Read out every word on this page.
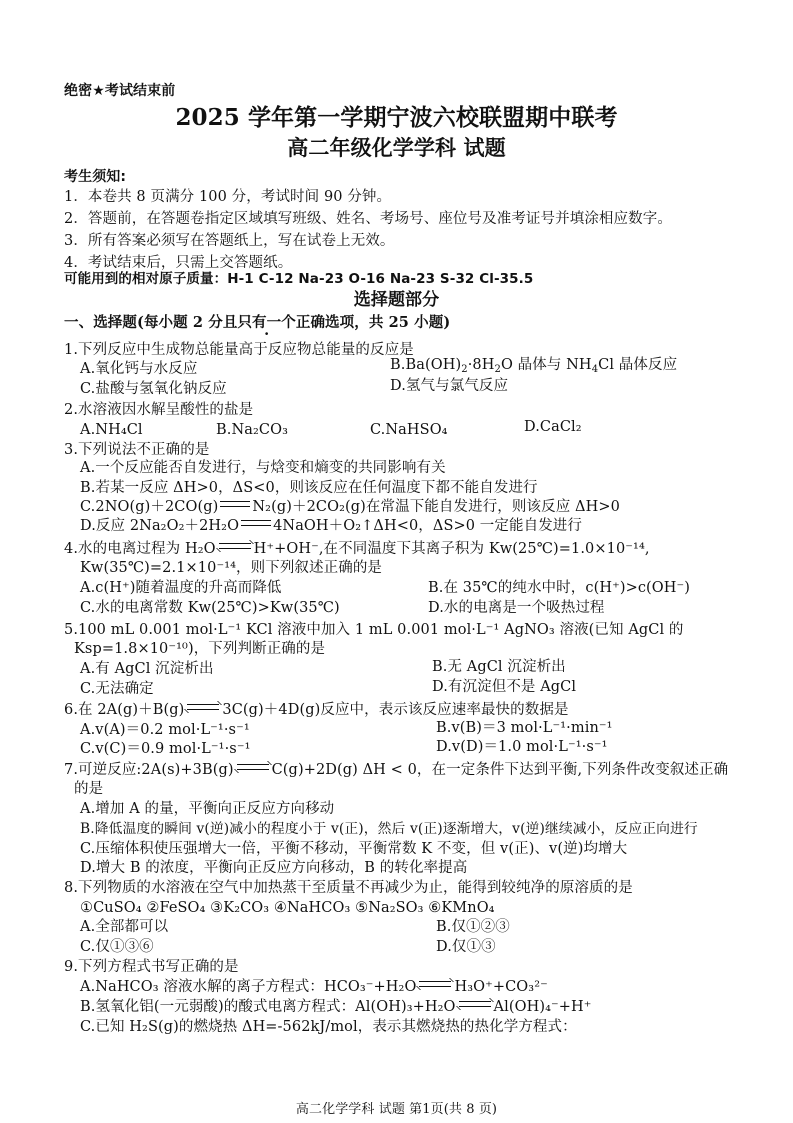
绝密★考试结束前
2025 学年第一学期宁波六校联盟期中联考
高二年级化学学科 试题
考生须知:
1．本卷共 8 页满分 100 分，考试时间 90 分钟。
2．答题前，在答题卷指定区域填写班级、姓名、考场号、座位号及准考证号并填涂相应数字。
3．所有答案必须写在答题纸上，写在试卷上无效。
4．考试结束后，只需上交答题纸。
可能用到的相对原子质量：H-1 C-12 Na-23 O-16 Na-23 S-32 Cl-35.5
选择题部分
一、选择题(每小题 2 分且只有一个正确选项，共 25 小题)
1.下列反应中生成物总能量高于反应物总能量的反应是
A.氧化钙与水反应	$B.Ba(OH)_2\cdot 8H_2O$ 晶体与 $NH_4Cl$ 晶体反应
C.盐酸与氢氧化钠反应	D.氢气与氯气反应
2.水溶液因水解呈酸性的盐是
A.NH₄Cl	B.Na₂CO₃	C.NaHSO₄	D.CaCl₂
3.下列说法不正确的是
A.一个反应能否自发进行，与焓变和熵变的共同影响有关
B.若某一反应 ΔH>0，ΔS<0，则该反应在任何温度下都不能自发进行
C.2NO(g)＋2CO(g) N₂(g)＋2CO₂(g)在常温下能自发进行，则该反应 ΔH>0
D.反应 2Na₂O₂＋2H₂O 4NaOH＋O₂↑ΔH<0，ΔS>0 一定能自发进行
4.水的电离过程为 H₂O	H⁺+OH⁻,在不同温度下其离子积为 Kw(25℃)=1.0×10⁻¹⁴,
Kw(35℃)=2.1×10⁻¹⁴，则下列叙述正确的是
A.c(H⁺)随着温度的升高而降低	B.在 35℃的纯水中时，c(H⁺)>c(OH⁻)
C.水的电离常数 Kw(25℃)>Kw(35℃)	D.水的电离是一个吸热过程
5.100 mL 0.001 mol·L⁻¹ KCl 溶液中加入 1 mL 0.001 mol·L⁻¹ AgNO₃ 溶液(已知 AgCl 的
Ksp=1.8×10⁻¹⁰)，下列判断正确的是
A.有 AgCl 沉淀析出	B.无 AgCl 沉淀析出
C.无法确定	D.有沉淀但不是 AgCl
6.在 2A(g)＋B(g)	3C(g)＋4D(g)反应中，表示该反应速率最快的数据是
A.v(A)＝0.2 mol·L⁻¹·s⁻¹	B.v(B)＝3 mol·L⁻¹·min⁻¹
C.v(C)＝0.9 mol·L⁻¹·s⁻¹	D.v(D)＝1.0 mol·L⁻¹·s⁻¹
7.可逆反应:2A(s)+3B(g)	C(g)+2D(g) ΔH < 0，在一定条件下达到平衡,下列条件改变叙述正确
的是
A.增加 A 的量，平衡向正反应方向移动
B.降低温度的瞬间 v(逆)减小的程度小于 v(正)，然后 v(正)逐渐增大，v(逆)继续减小，反应正向进行
C.压缩体积使压强增大一倍，平衡不移动，平衡常数 K 不变，但 v(正)、v(逆)均增大
D.增大 B 的浓度，平衡向正反应方向移动，B 的转化率提高
8.下列物质的水溶液在空气中加热蒸干至质量不再减少为止，能得到较纯净的原溶质的是
①CuSO₄ ②FeSO₄ ③K₂CO₃ ④NaHCO₃ ⑤Na₂SO₃ ⑥KMnO₄
A.全部都可以	B.仅①②③
C.仅①③⑥	D.仅①③
9.下列方程式书写正确的是
A.NaHCO₃ 溶液水解的离子方程式：HCO₃⁻+H₂O	H₃O⁺+CO₃²⁻
B.氢氧化铝(一元弱酸)的酸式电离方程式：Al(OH)₃+H₂O	Al(OH)₄⁻+H⁺
C.已知 H₂S(g)的燃烧热 ΔH=-562kJ/mol，表示其燃烧热的热化学方程式：
高二化学学科 试题 第1页(共 8 页)
